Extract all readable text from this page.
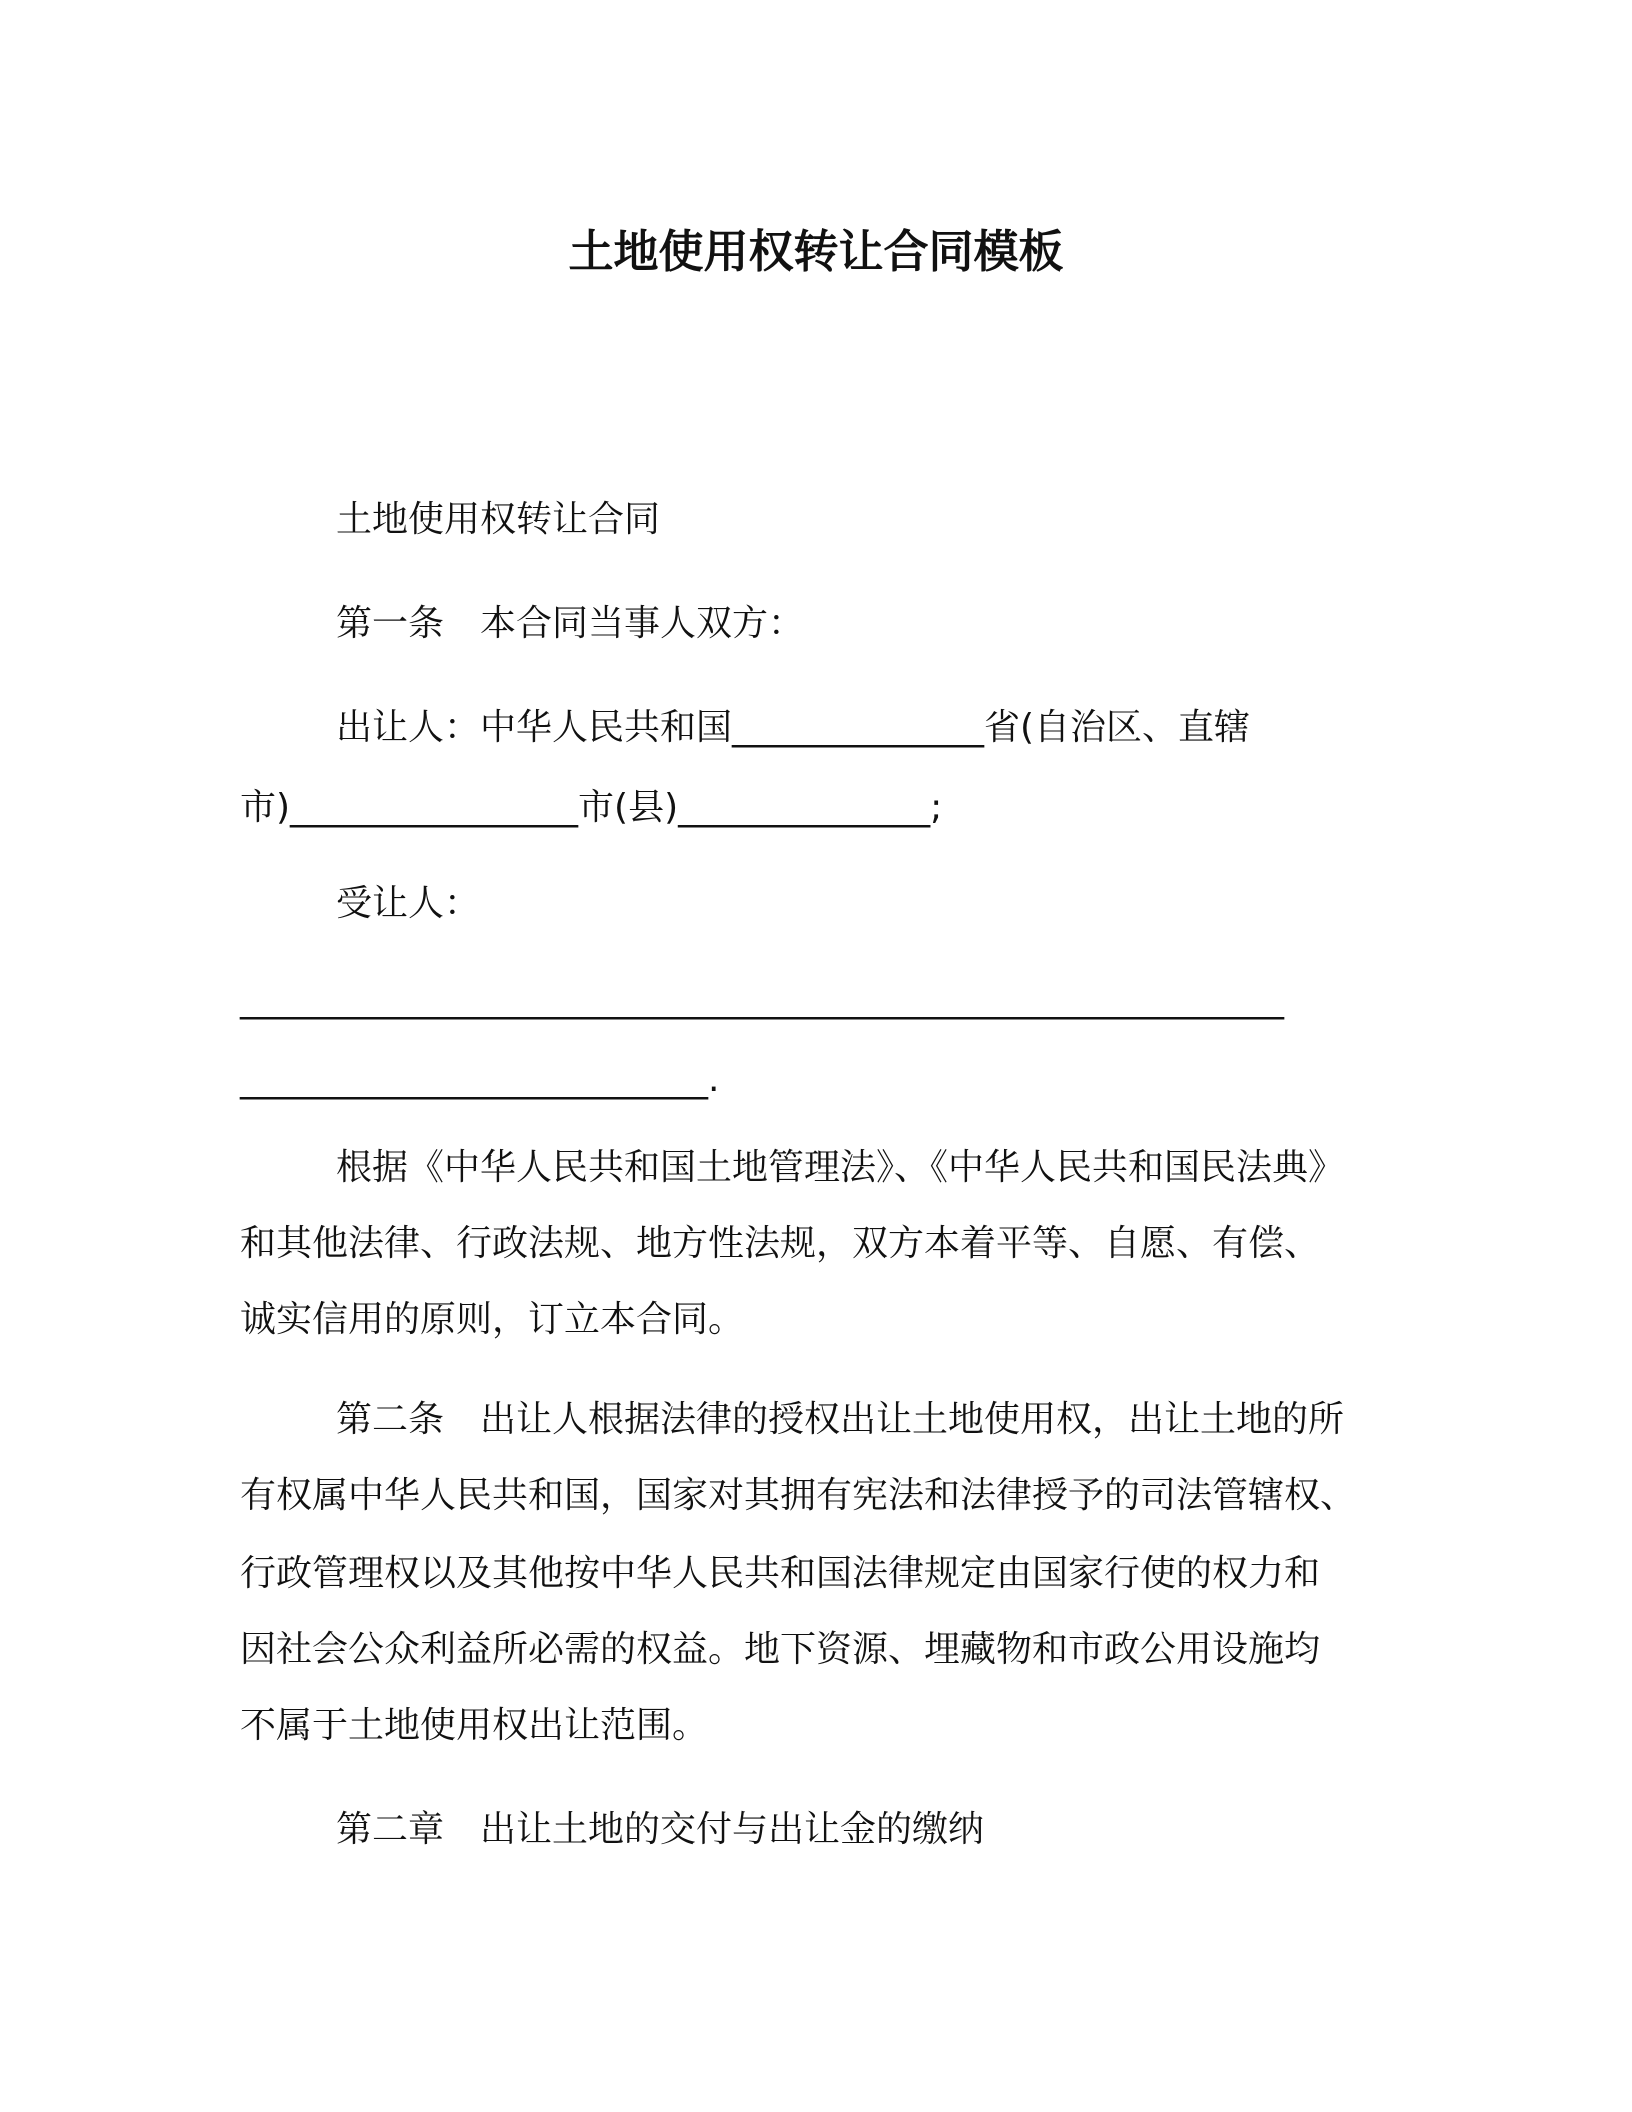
土地使用权转让合同模板
土地使用权转让合同
第一条　本合同当事人双方：
出让人：中华人民共和国______________省(自治区、直辖
市)________________市(县)______________;
受让人：
__________________________________________________________
__________________________.
根据《中华人民共和国土地管理法》、《中华人民共和国民法典》
和其他法律、行政法规、地方性法规，双方本着平等、自愿、有偿、
诚实信用的原则，订立本合同。
第二条　出让人根据法律的授权出让土地使用权，出让土地的所
有权属中华人民共和国，国家对其拥有宪法和法律授予的司法管辖权、
行政管理权以及其他按中华人民共和国法律规定由国家行使的权力和
因社会公众利益所必需的权益。地下资源、埋藏物和市政公用设施均
不属于土地使用权出让范围。
第二章　出让土地的交付与出让金的缴纳
